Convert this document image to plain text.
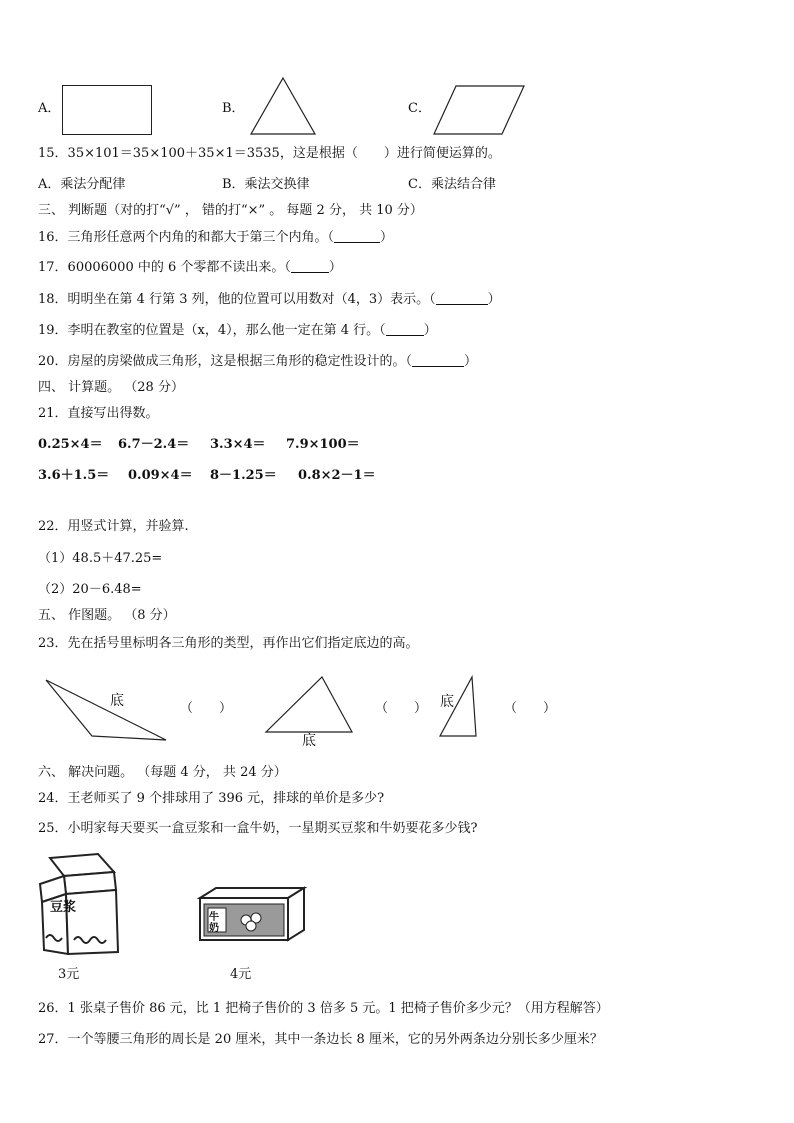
A．	B．	C．
15．35×101＝35×100＋35×1＝3535，这是根据（　　）进行简便运算的。
A．乘法分配律	B．乘法交换律	C．乘法结合律
三、 判断题（对的打“√” ， 错的打“×” 。 每题 2 分， 共 10 分）
16．三角形任意两个内角的和都大于第三个内角。（	）
17．60006000 中的 6 个零都不读出来。（	）
18．明明坐在第 4 行第 3 列，他的位置可以用数对（4，3）表示。（	）
19．李明在教室的位置是（x，4），那么他一定在第 4 行。（	）
20．房屋的房梁做成三角形，这是根据三角形的稳定性设计的。（	）
四、 计算题。 （28 分）
21．直接写出得数。
0.25×4＝ 6.7－2.4＝ 3.3×4＝ 7.9×100＝
3.6＋1.5＝ 0.09×4＝ 8－1.25＝ 0.8×2－1＝
22．用竖式计算，并验算.
（1）48.5＋47.25=
（2）20－6.48=
五、 作图题。 （8 分）
23．先在括号里标明各三角形的类型，再作出它们指定底边的高。
底	（　　）
底
（　　） 底	（　　）
六、 解决问题。 （每题 4 分， 共 24 分）
24．王老师买了 9 个排球用了 396 元，排球的单价是多少?
25．小明家每天要买一盒豆浆和一盒牛奶，一星期买豆浆和牛奶要花多少钱?
豆浆
3元
牛奶
4元
26．1 张桌子售价 86 元，比 1 把椅子售价的 3 倍多 5 元。1 把椅子售价多少元？（用方程解答）
27．一个等腰三角形的周长是 20 厘米，其中一条边长 8 厘米，它的另外两条边分别长多少厘米？
